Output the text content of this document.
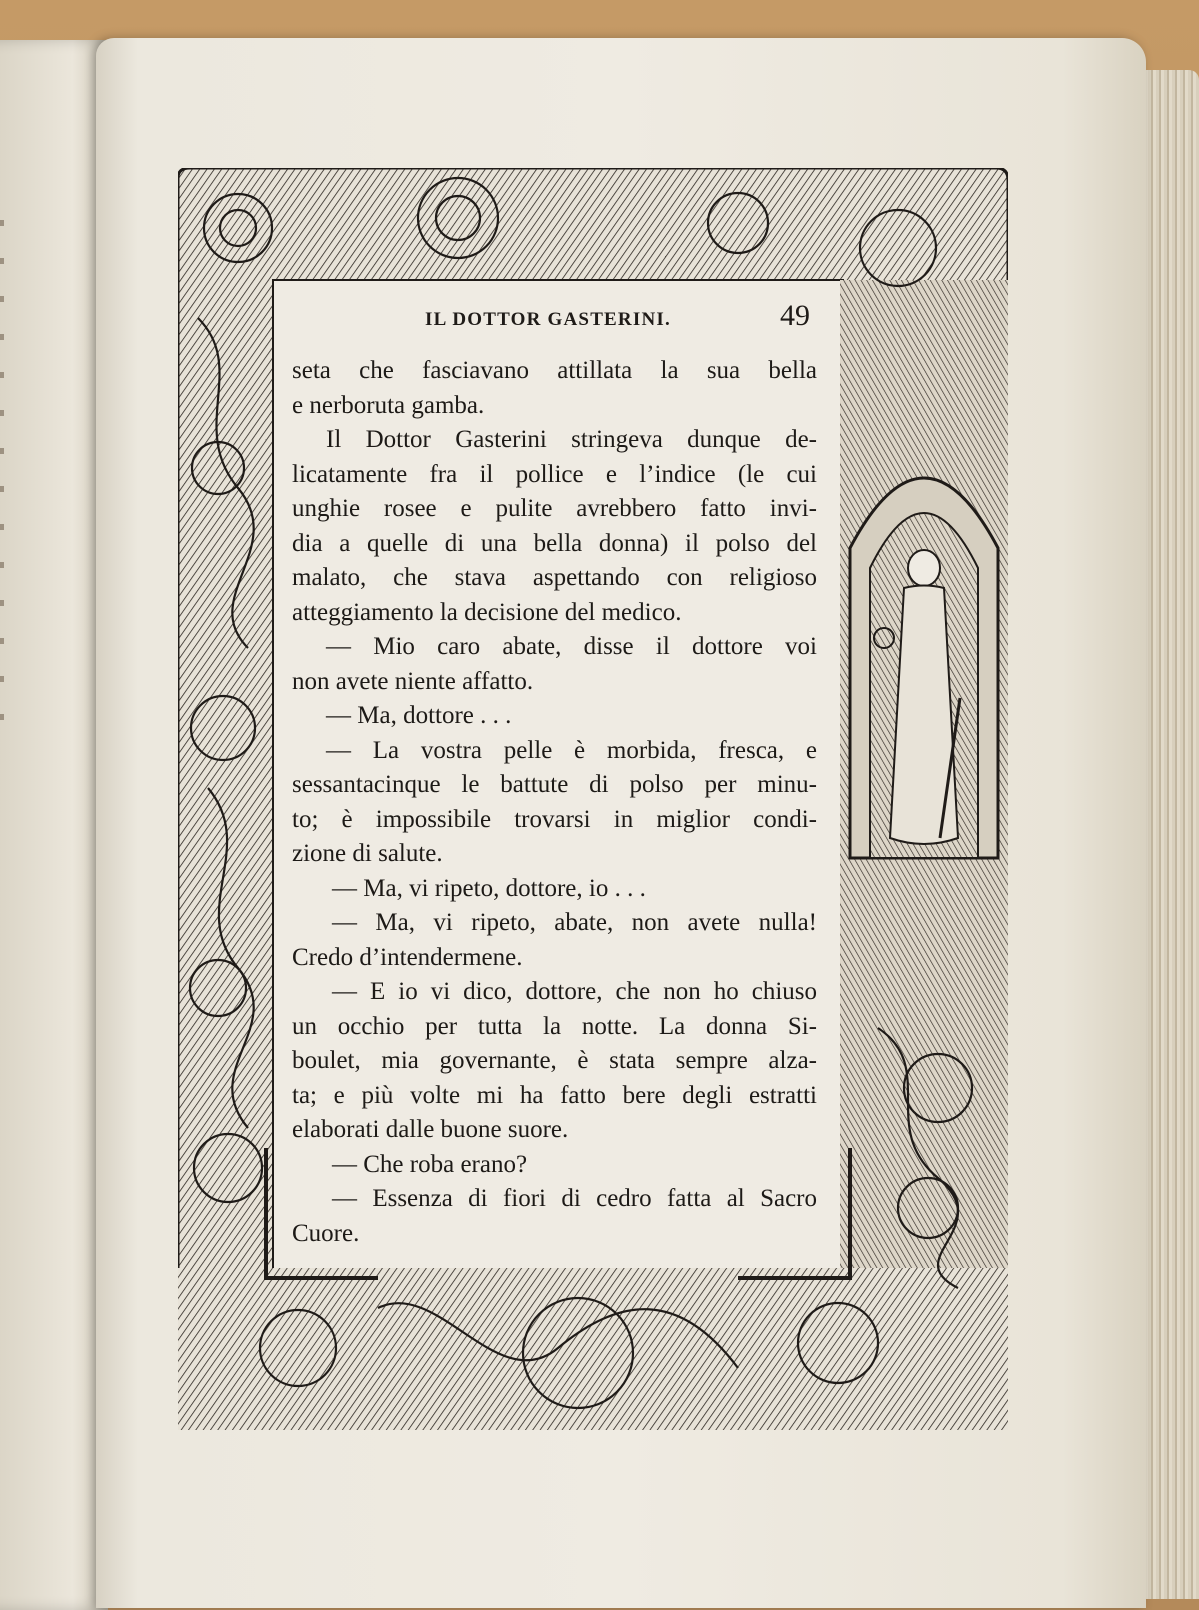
IL DOTTOR GASTERINI.	49
seta che fasciavano attillata la sua bella
e nerboruta gamba.
Il Dottor Gasterini stringeva dunque de-
licatamente fra il pollice e l’indice (le cui
unghie rosee e pulite avrebbero fatto invi-
dia a quelle di una bella donna) il polso del
malato, che stava aspettando con religioso
atteggiamento la decisione del medico.
— Mio caro abate, disse il dottore voi
non avete niente affatto.
— Ma, dottore . . .
— La vostra pelle è morbida, fresca, e
sessantacinque le battute di polso per minu-
to; è impossibile trovarsi in miglior condi-
zione di salute.
— Ma, vi ripeto, dottore, io . . .
— Ma, vi ripeto, abate, non avete nulla!
Credo d’intendermene.
— E io vi dico, dottore, che non ho chiuso
un occhio per tutta la notte. La donna Si-
boulet, mia governante, è stata sempre alza-
ta; e più volte mi ha fatto bere degli estratti
elaborati dalle buone suore.
— Che roba erano?
— Essenza di fiori di cedro fatta al Sacro
Cuore.
